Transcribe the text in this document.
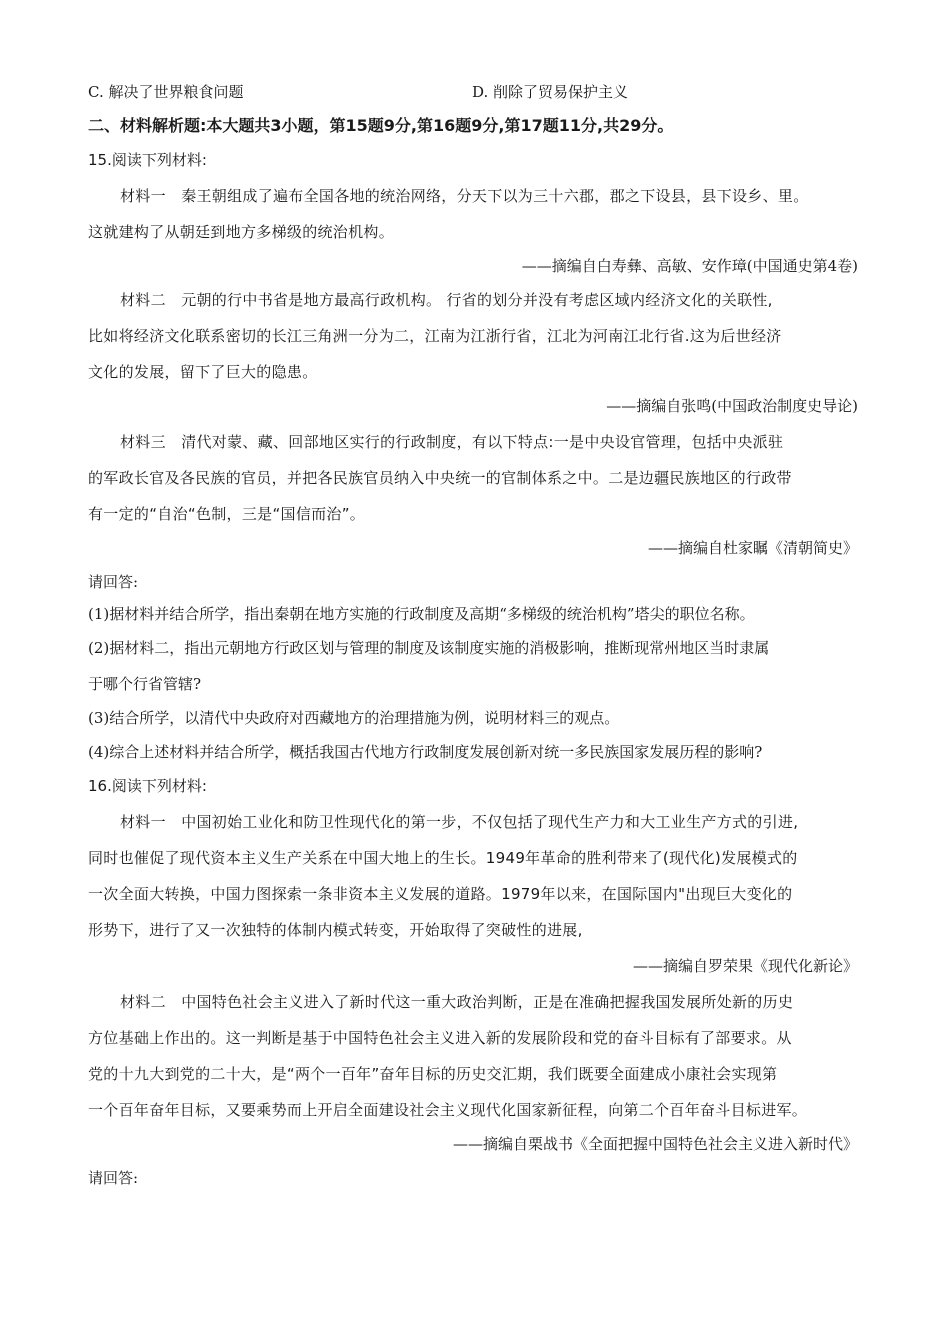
C. 解决了世界粮食问题	D. 削除了贸易保护主义
二、材料解析题:本大题共3小题，第15题9分,第16题9分,第17题11分,共29分。
15.阅读下列材料:
材料一　秦王朝组成了遍布全国各地的统治网络，分天下以为三十六郡，郡之下设县，县下设乡、里。
这就建构了从朝廷到地方多梯级的统治机构。
——摘编自白寿彝、高敏、安作璋(中国通史第4卷)
材料二　元朝的行中书省是地方最高行政机构。 行省的划分并没有考虑区域内经济文化的关联性,
比如将经济文化联系密切的长江三角洲一分为二，江南为江浙行省，江北为河南江北行省.这为后世经济
文化的发展，留下了巨大的隐患。
——摘编自张鸣(中国政治制度史导论)
材料三　清代对蒙、藏、回部地区实行的行政制度，有以下特点:一是中央设官管理，包括中央派驻
的军政长官及各民族的官员，并把各民族官员纳入中央统一的官制体系之中。二是边疆民族地区的行政带
有一定的“自治“色制，三是“国信而治”。
——摘编自杜家瞩《清朝简史》
请回答:
(1)据材料并结合所学，指出秦朝在地方实施的行政制度及高期“多梯级的统治机构”塔尖的职位名称。
(2)据材料二，指出元朝地方行政区划与管理的制度及该制度实施的消极影响，推断现常州地区当时隶属
于哪个行省管辖?
(3)结合所学，以清代中央政府对西藏地方的治理措施为例，说明材料三的观点。
(4)综合上述材料并结合所学，概括我国古代地方行政制度发展创新对统一多民族国家发展历程的影响?
16.阅读下列材料:
材料一　中国初始工业化和防卫性现代化的第一步，不仅包括了现代生产力和大工业生产方式的引进,
同时也催促了现代资本主义生产关系在中国大地上的生长。1949年革命的胜利带来了(现代化)发展模式的
一次全面大转换，中国力图探索一条非资本主义发展的道路。1979年以来，在国际国内"出现巨大变化的
形势下，进行了又一次独特的体制内模式转变，开始取得了突破性的进展,
——摘编自罗荣果《现代化新论》
材料二　中国特色社会主义进入了新时代这一重大政治判断，正是在准确把握我国发展所处新的历史
方位基础上作出的。这一判断是基于中国特色社会主义进入新的发展阶段和党的奋斗目标有了部要求。从
党的十九大到党的二十大，是“两个一百年”奋年目标的历史交汇期，我们既要全面建成小康社会实现第
一个百年奋年目标，又要乘势而上开启全面建设社会主义现代化国家新征程，向第二个百年奋斗目标进军。
——摘编自栗战书《全面把握中国特色社会主义进入新时代》
请回答:
